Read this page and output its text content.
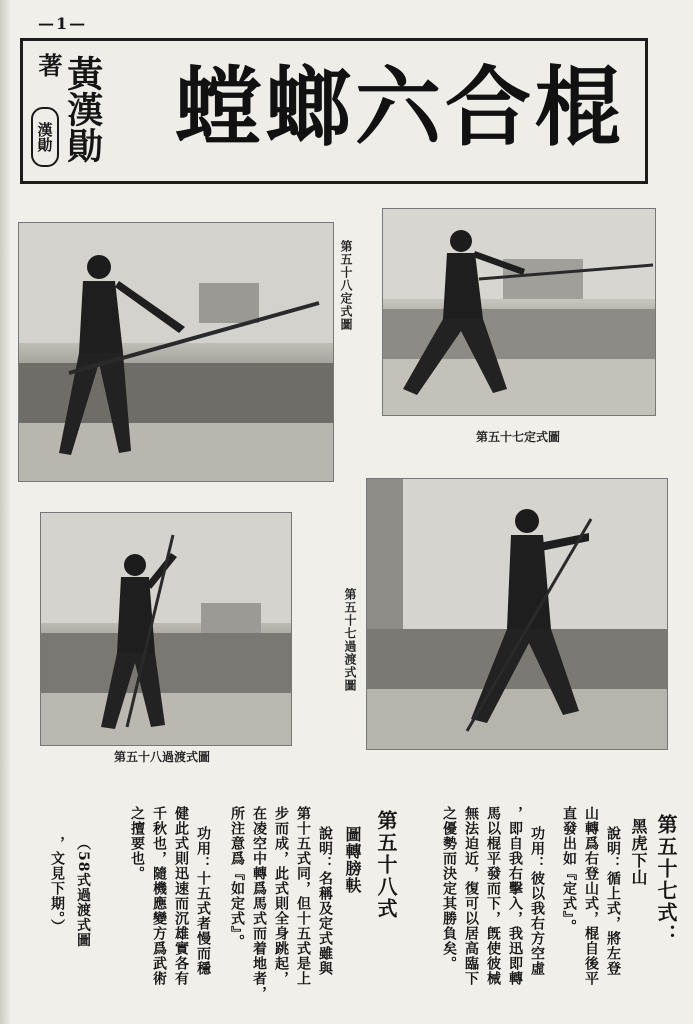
—1—
著
漢勛 黃漢勛 螳螂六合棍
第五十八定式圖
第五十七定式圖
第五十八過渡式圖
第五十七過渡式圖
第五十七式：
黑虎下山
說明：循上式，將左登
山轉爲右登山式，棍自後平
直發出如『定式』。
功用：彼以我右方空虛
，即自我右擊入，我迅即轉
馬以棍平發而下，旣使彼械
無法迫近，復可以居高臨下
之優勢而決定其勝負矣。
第五十八式
圖轉膀䡍
說明：名稱及定式雖與
第十五式同，但十五式是上
步而成，此式則全身跳起，
在凌空中轉爲馬式而着地者，
所注意爲『如定式』。
功用：十五式者慢而穩
健此式則迅速而沉雄實各有
千秋也，隨機應變方爲武術
之擅要也。
（58式過渡式圖
，文見下期。）
